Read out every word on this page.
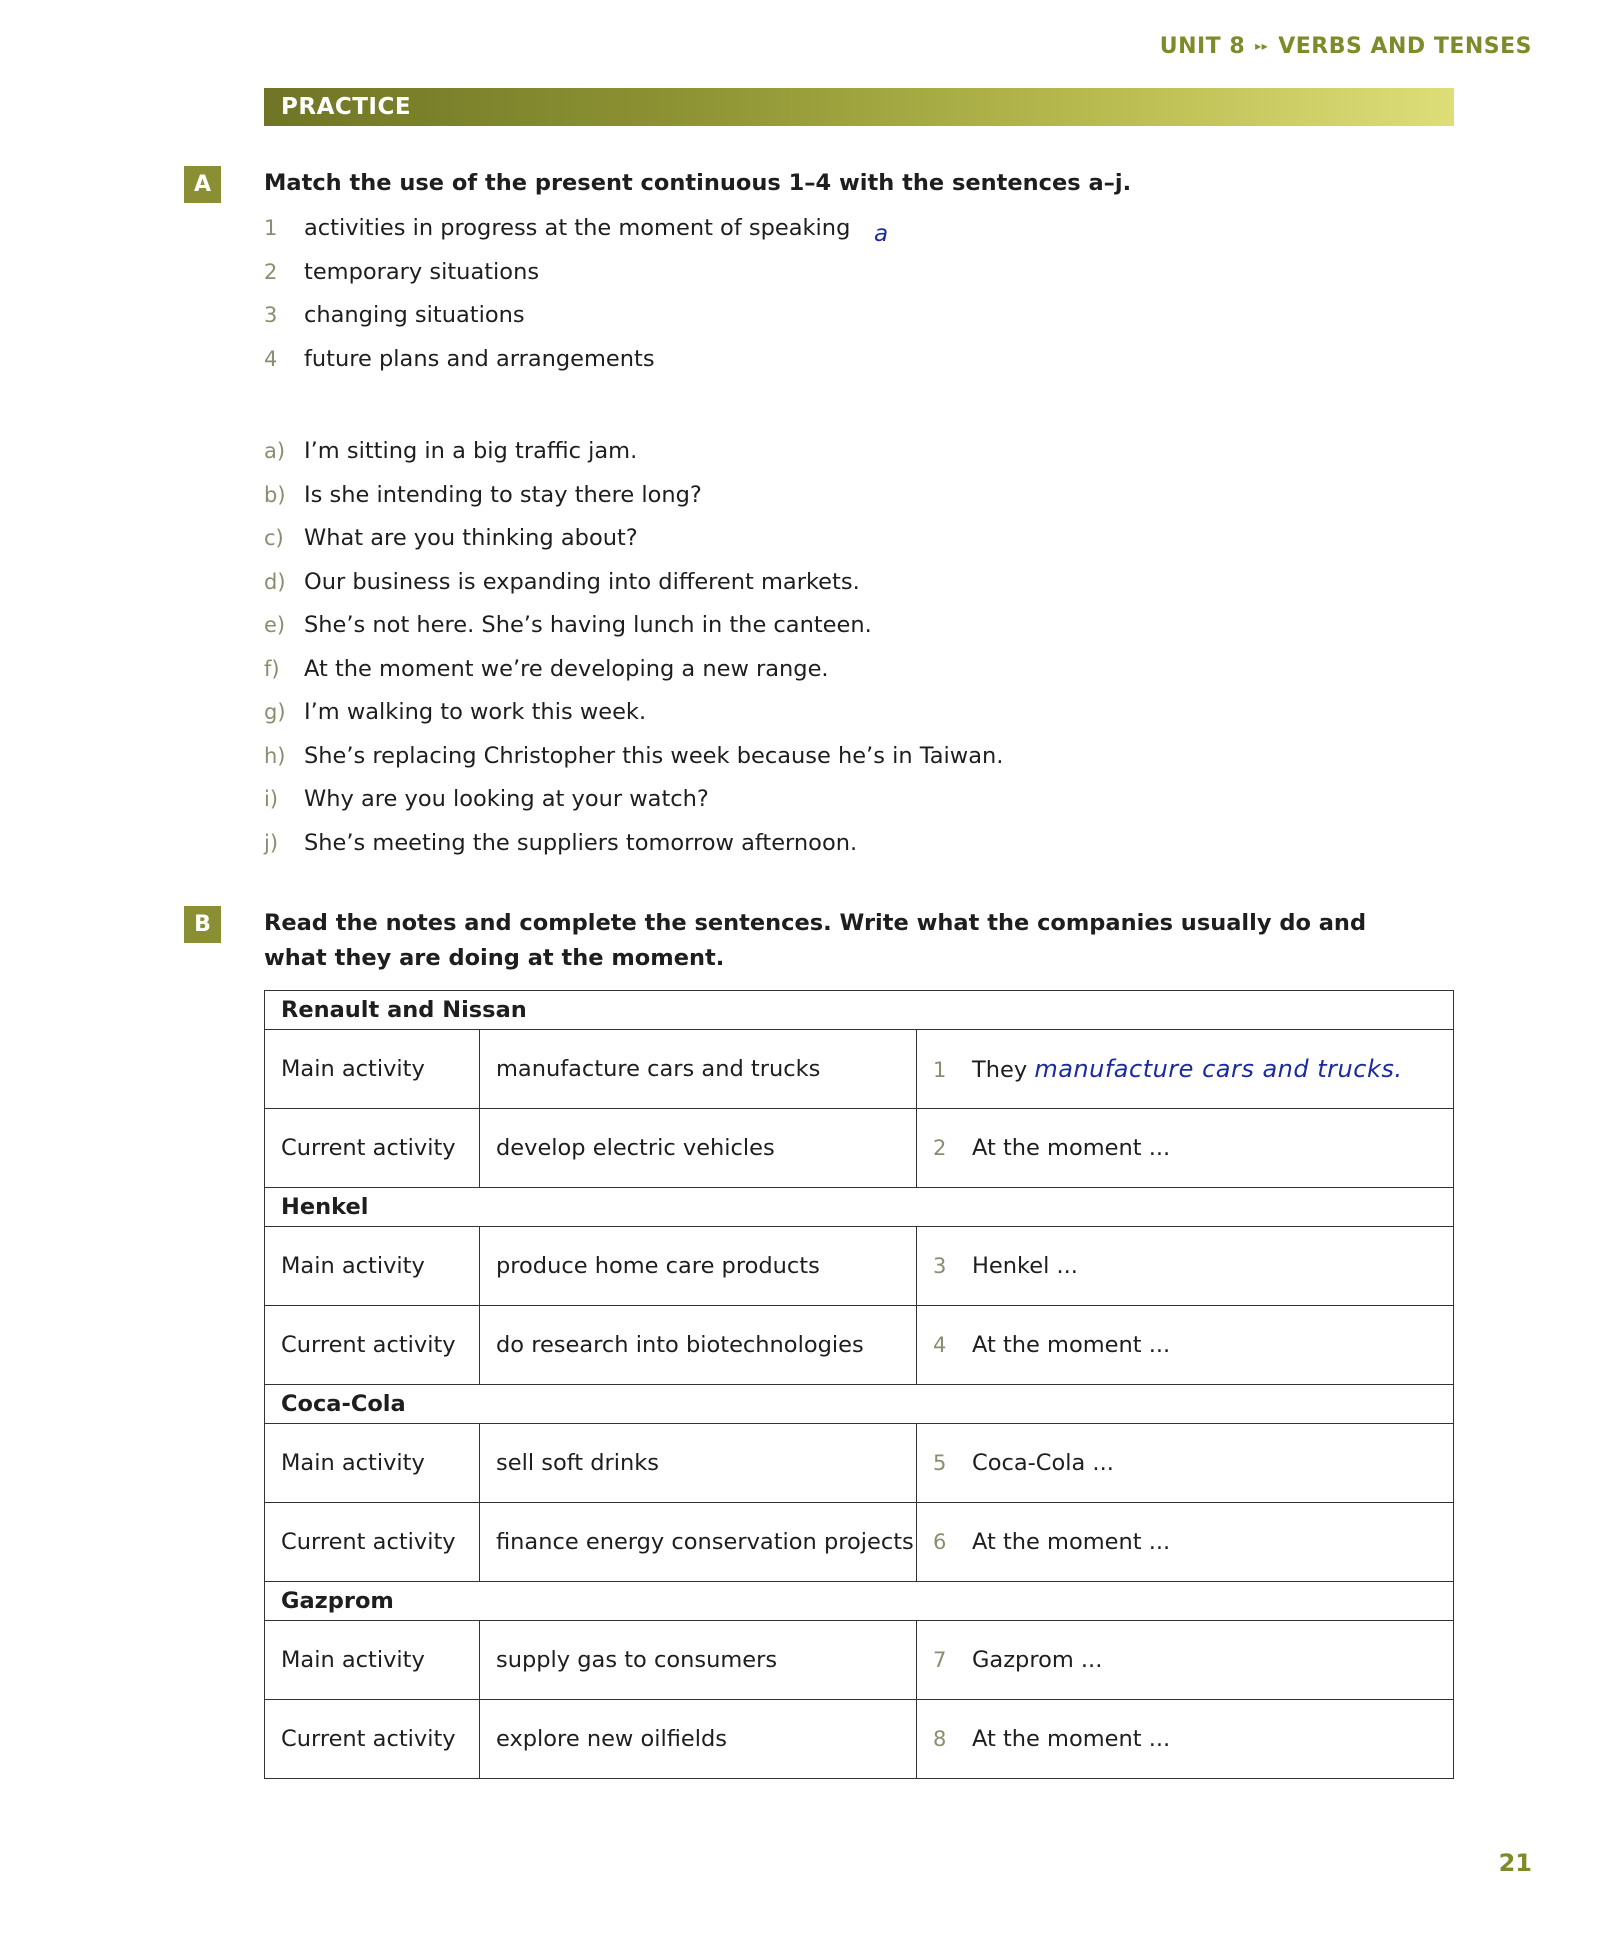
UNIT 8 ▸▸ VERBS AND TENSES
PRACTICE
A	Match the use of the present continuous 1–4 with the sentences a–j.
1 activities in progress at the moment of speaking
2 temporary situations
3 changing situations
4 future plans and arrangements
a
a) I’m sitting in a big traffic jam.
b) Is she intending to stay there long?
c) What are you thinking about?
d) Our business is expanding into different markets.
e) She’s not here. She’s having lunch in the canteen.
f) At the moment we’re developing a new range.
g) I’m walking to work this week.
h) She’s replacing Christopher this week because he’s in Taiwan.
i) Why are you looking at your watch?
j) She’s meeting the suppliers tomorrow afternoon.
B	Read the notes and complete the sentences. Write what the companies usually do and what they are doing at the moment.
Renault and Nissan		
Main activity	manufacture cars and trucks	1 They manufacture cars and trucks.
Current activity	develop electric vehicles	2 At the moment ...
Henkel		
Main activity	produce home care products	3 Henkel ...
Current activity	do research into biotechnologies	4 At the moment ...
Coca-Cola		
Main activity	sell soft drinks	5 Coca-Cola ...
Current activity	finance energy conservation projects	6 At the moment ...
Gazprom		
Main activity	supply gas to consumers	7 Gazprom ...
Current activity	explore new oilfields	8 At the moment ...
21
